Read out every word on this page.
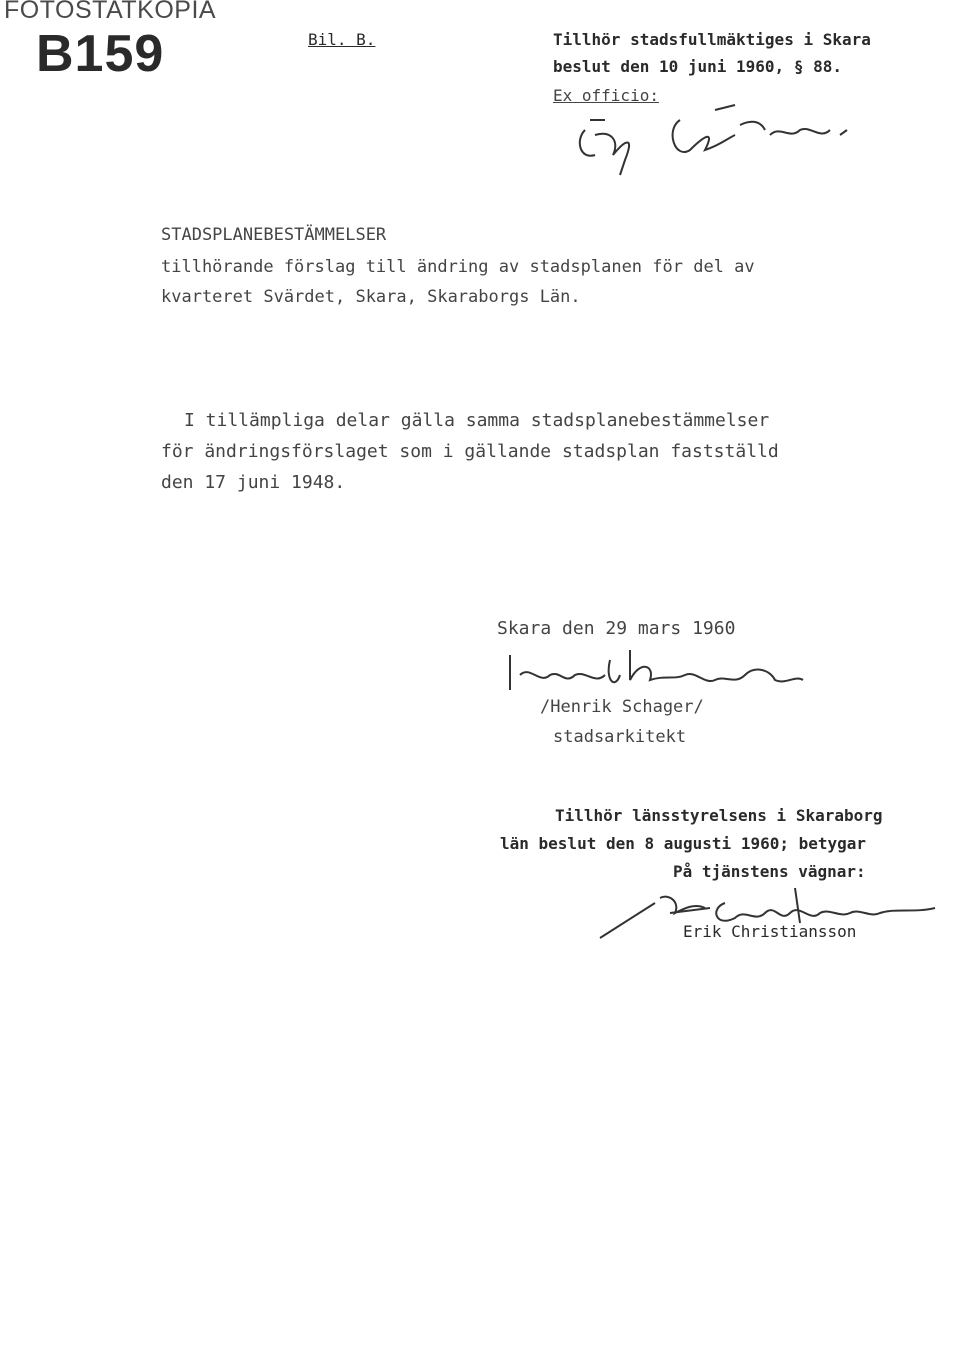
FOTOSTATKOPIA
B159	Bil. B.	Tillhör stadsfullmäktiges i Skara
beslut den 10 juni 1960, § 88.
Ex officio:
STADSPLANEBESTÄMMELSER
tillhörande förslag till ändring av stadsplanen för del av
kvarteret Svärdet, Skara, Skaraborgs Län.
I tillämpliga delar gälla samma stadsplanebestämmelser
för ändringsförslaget som i gällande stadsplan fastställd
den 17 juni 1948.
Skara den 29 mars 1960
/Henrik Schager/
stadsarkitekt
Tillhör länsstyrelsens i Skaraborg
län beslut den 8 augusti 1960; betygar
På tjänstens vägnar:
Erik Christiansson
